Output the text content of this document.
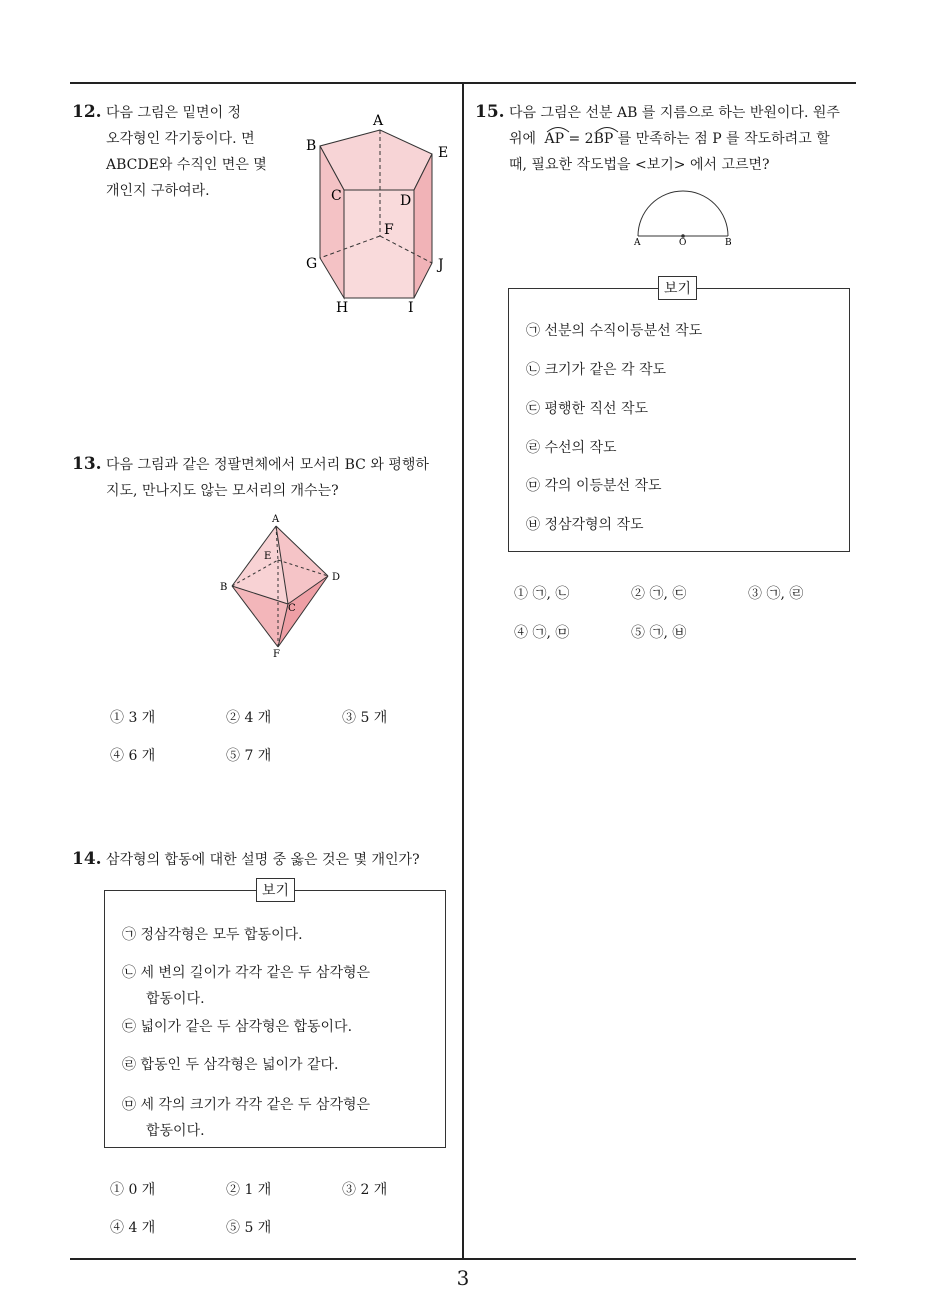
12. 다음 그림은 밑면이 정
오각형인 각기둥이다. 면
ABCDE와 수직인 면은 몇
개인지 구하여라.
A
B	E
C	D
F
G	J
H	I
13. 다음 그림과 같은 정팔면체에서 모서리 BC 와 평행하
지도, 만나지도 않는 모서리의 개수는?
A
E
B
D
C
F
① 3 개	② 4 개	③ 5 개
④ 6 개	⑤ 7 개
14. 삼각형의 합동에 대한 설명 중 옳은 것은 몇 개인가?
보기
㉠ 정삼각형은 모두 합동이다.
㉡ 세 변의 길이가 각각 같은 두 삼각형은
합동이다.
㉢ 넓이가 같은 두 삼각형은 합동이다.
㉣ 합동인 두 삼각형은 넓이가 같다.
㉤ 세 각의 크기가 각각 같은 두 삼각형은
합동이다.
① 0 개	② 1 개	③ 2 개
④ 4 개	⑤ 5 개
15. 다음 그림은 선분 AB 를 지름으로 하는 반원이다. 원주
위에 AP = 2
BP 를 만족하는 점 P 를 작도하려고 할
때, 필요한 작도법을 <보기> 에서 고르면?
A	O	B
보기
㉠ 선분의 수직이등분선 작도
㉡ 크기가 같은 각 작도
㉢ 평행한 직선 작도
㉣ 수선의 작도
㉤ 각의 이등분선 작도
㉥ 정삼각형의 작도
① ㉠, ㉡	② ㉠, ㉢	③ ㉠, ㉣
④ ㉠, ㉤	⑤ ㉠, ㉥
3
